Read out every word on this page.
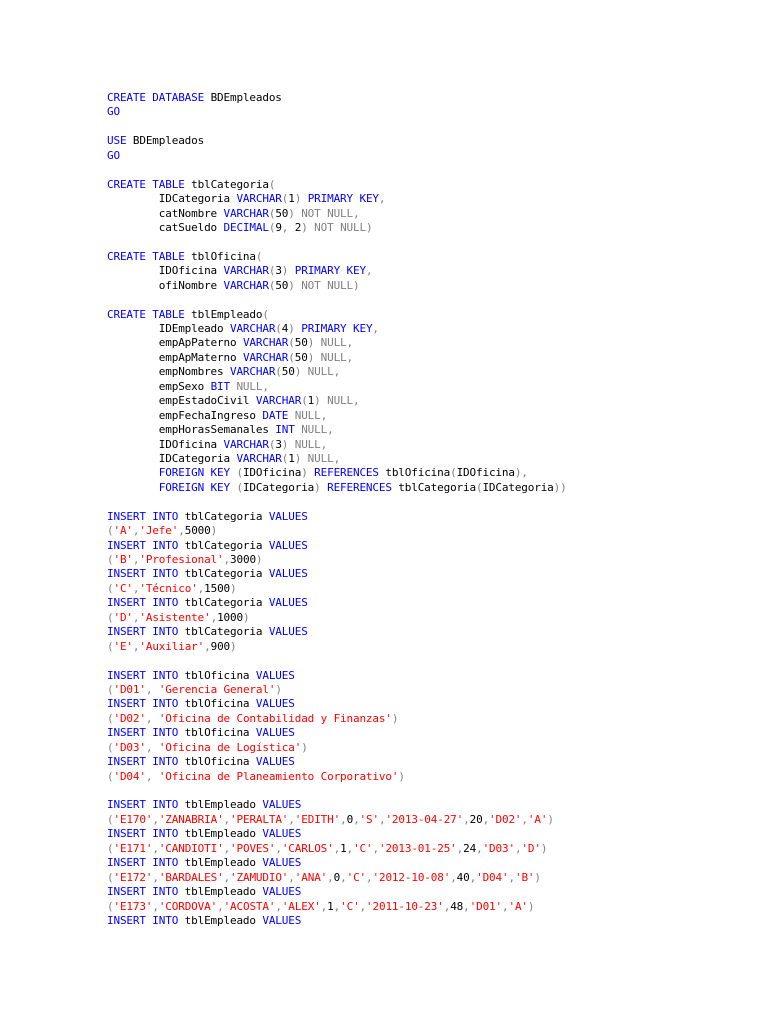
CREATE DATABASE BDEmpleados
GO

USE BDEmpleados
GO

CREATE TABLE tblCategoria(
IDCategoria VARCHAR(1) PRIMARY KEY,
catNombre VARCHAR(50) NOT NULL,
catSueldo DECIMAL(9, 2) NOT NULL)

CREATE TABLE tblOficina(
IDOficina VARCHAR(3) PRIMARY KEY,
ofiNombre VARCHAR(50) NOT NULL)

CREATE TABLE tblEmpleado(
IDEmpleado VARCHAR(4) PRIMARY KEY,
empApPaterno VARCHAR(50) NULL,
empApMaterno VARCHAR(50) NULL,
empNombres VARCHAR(50) NULL,
empSexo BIT NULL,
empEstadoCivil VARCHAR(1) NULL,
empFechaIngreso DATE NULL,
empHorasSemanales INT NULL,
IDOficina VARCHAR(3) NULL,
IDCategoria VARCHAR(1) NULL,
FOREIGN KEY (IDOficina) REFERENCES tblOficina(IDOficina),
FOREIGN KEY (IDCategoria) REFERENCES tblCategoria(IDCategoria))

INSERT INTO tblCategoria VALUES
('A','Jefe',5000)
INSERT INTO tblCategoria VALUES
('B','Profesional',3000)
INSERT INTO tblCategoria VALUES
('C','Técnico',1500)
INSERT INTO tblCategoria VALUES
('D','Asistente',1000)
INSERT INTO tblCategoria VALUES
('E','Auxiliar',900)

INSERT INTO tblOficina VALUES
('D01', 'Gerencia General')
INSERT INTO tblOficina VALUES
('D02', 'Oficina de Contabilidad y Finanzas')
INSERT INTO tblOficina VALUES
('D03', 'Oficina de Logística')
INSERT INTO tblOficina VALUES
('D04', 'Oficina de Planeamiento Corporativo')

INSERT INTO tblEmpleado VALUES
('E170','ZANABRIA','PERALTA','EDITH',0,'S','2013-04-27',20,'D02','A')
INSERT INTO tblEmpleado VALUES
('E171','CANDIOTI','POVES','CARLOS',1,'C','2013-01-25',24,'D03','D')
INSERT INTO tblEmpleado VALUES
('E172','BARDALES','ZAMUDIO','ANA',0,'C','2012-10-08',40,'D04','B')
INSERT INTO tblEmpleado VALUES
('E173','CORDOVA','ACOSTA','ALEX',1,'C','2011-10-23',48,'D01','A')
INSERT INTO tblEmpleado VALUES
